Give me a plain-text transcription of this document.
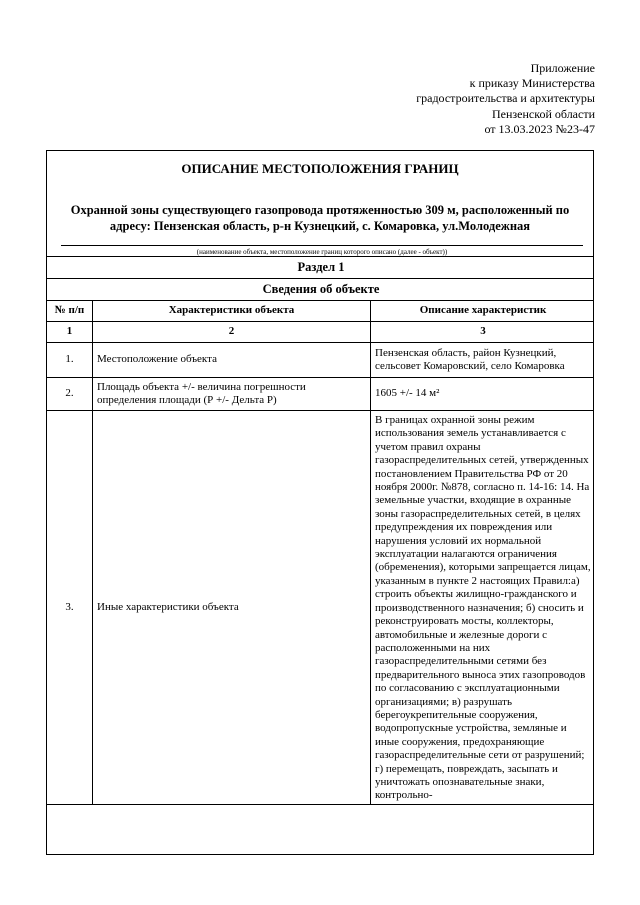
Приложение
к приказу Министерства
градостроительства и архитектуры
Пензенской области
от 13.03.2023 №23-47
ОПИСАНИЕ МЕСТОПОЛОЖЕНИЯ ГРАНИЦ
Охранной зоны существующего газопровода протяженностью 309 м, расположенный по адресу: Пензенская область, р-н Кузнецкий, с. Комаровка, ул.Молодежная
(наименование объекта, местоположение границ которого описано (далее - объект))
Раздел 1		
Сведения об объекте		
№ п/п	Характеристики объекта	Описание характеристик
1	2	3
1.	Местоположение объекта	Пензенская область, район Кузнецкий, сельсовет Комаровский, село Комаровка
2.	Площадь объекта +/- величина погрешности определения площади (Р +/- Дельта Р)	1605 +/- 14 м²
3.	Иные характеристики объекта	В границах охранной зоны режим использования земель устанавливается с учетом правил охраны газораспределительных сетей, утвержденных постановлением Правительства РФ от 20 ноября 2000г. №878, согласно п. 14-16: 14. На земельные участки, входящие в охранные зоны газораспределительных сетей, в целях предупреждения их повреждения или нарушения условий их нормальной эксплуатации налагаются ограничения (обременения), которыми запрещается лицам, указанным в пункте 2 настоящих Правил:а) строить объекты жилищно-гражданского и производственного назначения; б) сносить и реконструировать мосты, коллекторы, автомобильные и железные дороги с расположенными на них газораспределительными сетями без предварительного выноса этих газопроводов по согласованию с эксплуатационными организациями; в) разрушать берегоукрепительные сооружения, водопропускные устройства, земляные и иные сооружения, предохраняющие газораспределительные сети от разрушений; г) перемещать, повреждать, засыпать и уничтожать опознавательные знаки, контрольно-
